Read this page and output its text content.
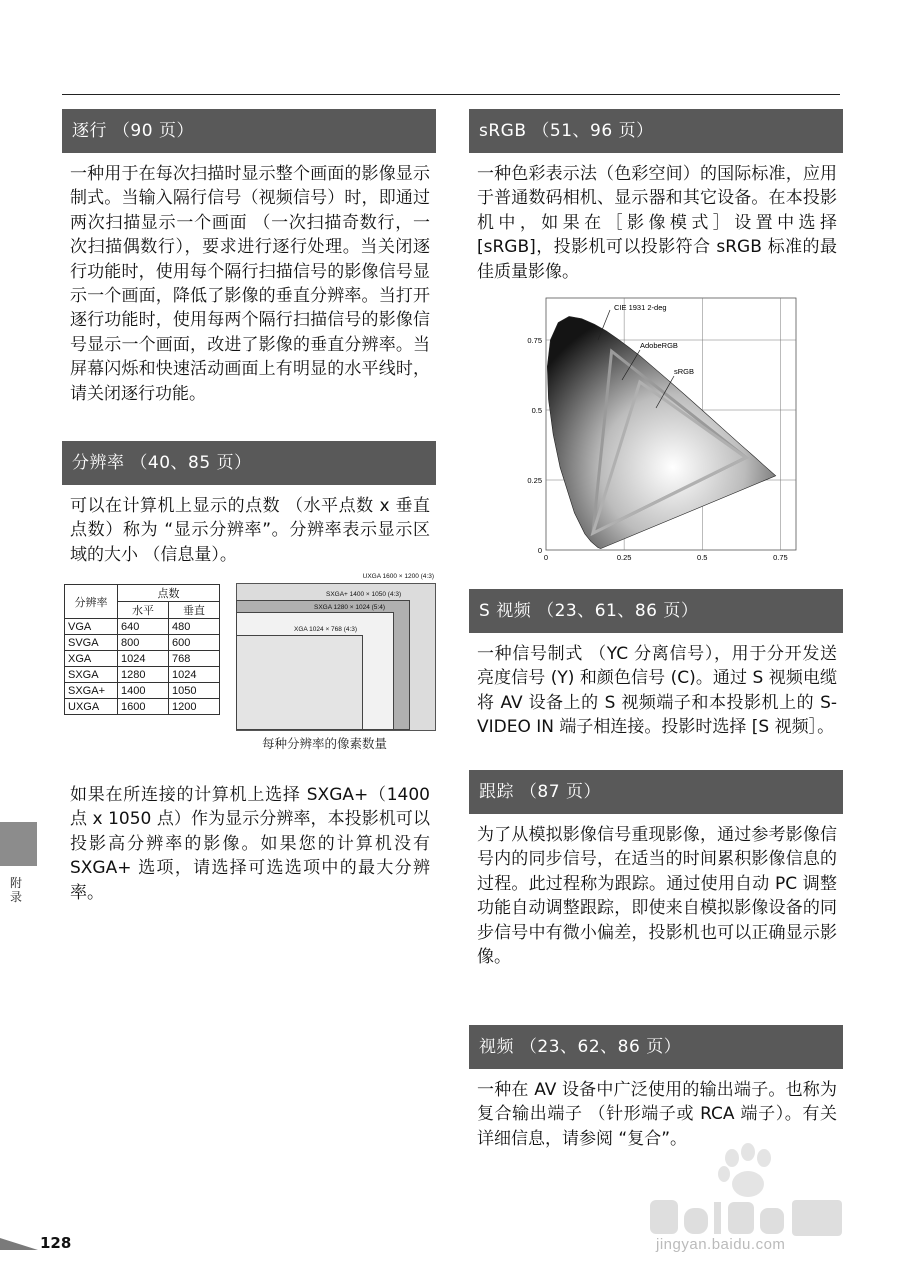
逐行 （90 页）

一种用于在每次扫描时显示整个画面的影像显示制式。当输入隔行信号（视频信号）时，即通过两次扫描显示一个画面 （一次扫描奇数行，一次扫描偶数行），要求进行逐行处理。当关闭逐行功能时，使用每个隔行扫描信号的影像信号显示一个画面，降低了影像的垂直分辨率。当打开逐行功能时，使用每两个隔行扫描信号的影像信号显示一个画面，改进了影像的垂直分辨率。当屏幕闪烁和快速活动画面上有明显的水平线时，请关闭逐行功能。

分辨率 （40、85 页）

可以在计算机上显示的点数 （水平点数 x 垂直点数）称为 “显示分辨率”。分辨率表示显示区域的大小 （信息量）。

分辨率	点数	
	水平	垂直
VGA	640	480
SVGA	800	600
XGA	1024	768
SXGA	1280	1024
SXGA+	1400	1050
UXGA	1600	1200
UXGA 1600 × 1200 (4:3)
SXGA+ 1400 × 1050 (4:3)
SXGA 1280 × 1024 (5:4)
XGA 1024 × 768 (4:3)
每种分辨率的像素数量

如果在所连接的计算机上选择 SXGA+（1400 点 x 1050 点）作为显示分辨率，本投影机可以投影高分辨率的影像。如果您的计算机没有 SXGA+ 选项，请选择可选选项中的最大分辨率。

sRGB （51、96 页）

一种色彩表示法（色彩空间）的国际标准，应用于普通数码相机、显示器和其它设备。在本投影机中，如果在［影像模式］设置中选择 [sRGB]，投影机可以投影符合 sRGB 标准的最佳质量影像。

CIE 1931 2-deg
AdobeRGB
sRGB
0	0.25	0.5	0.75
0
0.25
0.5
0.75
S 视频 （23、61、86 页）

一种信号制式 （YC 分离信号），用于分开发送亮度信号 (Y) 和颜色信号 (C)。通过 S 视频电缆将 AV 设备上的 S 视频端子和本投影机上的 S-VIDEO IN 端子相连接。投影时选择 [S 视频］。

跟踪 （87 页）

为了从模拟影像信号重现影像，通过参考影像信号内的同步信号，在适当的时间累积影像信息的过程。此过程称为跟踪。通过使用自动 PC 调整功能自动调整跟踪，即使来自模拟影像设备的同步信号中有微小偏差，投影机也可以正确显示影像。

视频 （23、62、86 页）

一种在 AV 设备中广泛使用的输出端子。也称为复合输出端子 （针形端子或 RCA 端子）。有关详细信息，请参阅 “复合”。

附录
128	jingyan.baidu.com
